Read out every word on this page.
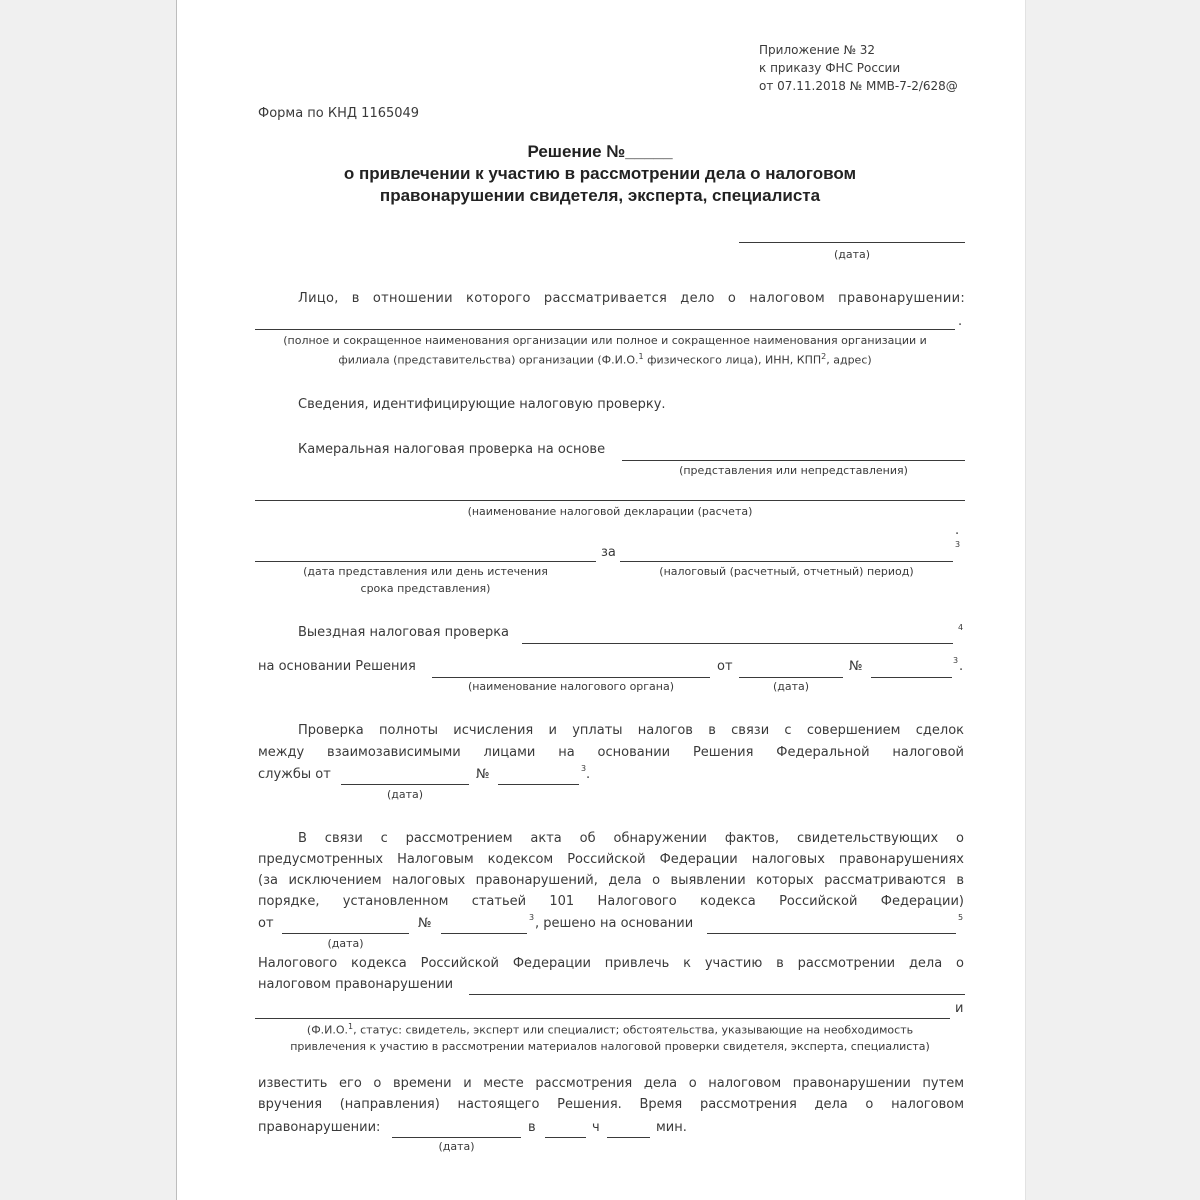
Приложение № 32
к приказу ФНС России
от 07.11.2018 № ММВ-7-2/628@
Форма по КНД 1165049
Решение №_____
о привлечении к участию в рассмотрении дела о налоговом
правонарушении свидетеля, эксперта, специалиста
(дата)
Лицо, в отношении которого рассматривается дело о налоговом правонарушении:
.
(полное и сокращенное наименования организации или полное и сокращенное наименования организации и
филиала (представительства) организации (Ф.И.О.$^1$ физического лица), ИНН, КПП$^2$, адрес)
Сведения, идентифицирующие налоговую проверку.
Камеральная налоговая проверка на основе
(представления или непредставления)
(наименование налоговой декларации (расчета)
.
3
за
(дата представления или день истечения
срока представления)
(налоговый (расчетный, отчетный) период)
Выездная налоговая проверка	4
на основании Решения	от	№	3 .
(наименование налогового органа)	(дата)
Проверка полноты исчисления и уплаты налогов в связи с совершением сделок
между взаимозависимыми лицами на основании Решения Федеральной налоговой
службы от	№	3 .
(дата)
В связи с рассмотрением акта об обнаружении фактов, свидетельствующих о
предусмотренных Налоговым кодексом Российской Федерации налоговых правонарушениях
(за исключением налоговых правонарушений, дела о выявлении которых рассматриваются в
порядке, установленном статьей 101 Налогового кодекса Российской Федерации)
от	№	3 , решено на основании	5
(дата)
Налогового кодекса Российской Федерации привлечь к участию в рассмотрении дела о
налоговом правонарушении
и
(Ф.И.О.$^1$, статус: свидетель, эксперт или специалист; обстоятельства, указывающие на необходимость
привлечения к участию в рассмотрении материалов налоговой проверки свидетеля, эксперта, специалиста)
известить его о времени и месте рассмотрения дела о налоговом правонарушении путем
вручения (направления) настоящего Решения. Время рассмотрения дела о налоговом
правонарушении:	в	ч	мин.
(дата)
